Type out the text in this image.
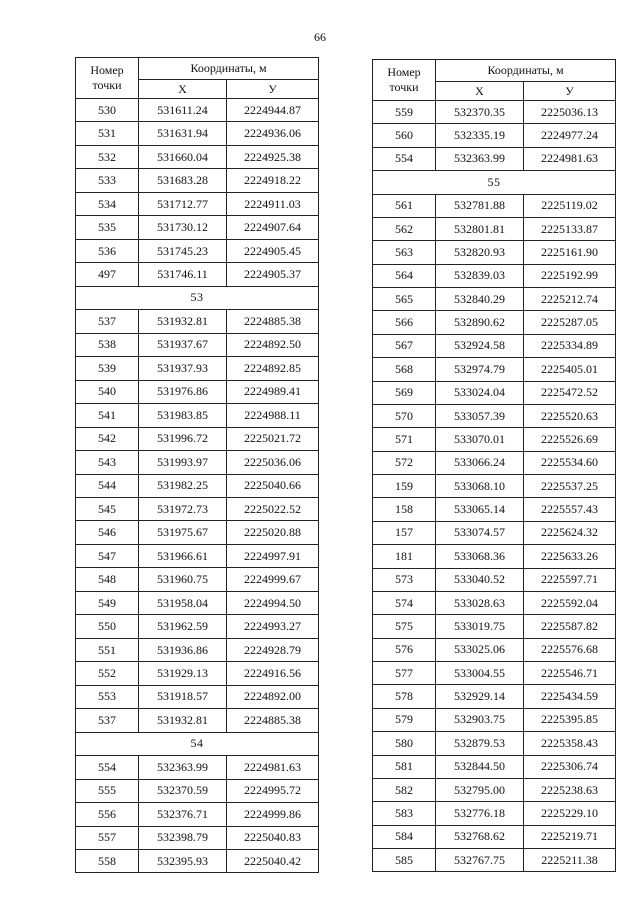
66
Номер
точки	Координаты, м	
	X	У
530	531611.24	2224944.87
531	531631.94	2224936.06
532	531660.04	2224925.38
533	531683.28	2224918.22
534	531712.77	2224911.03
535	531730.12	2224907.64
536	531745.23	2224905.45
497	531746.11	2224905.37
53		
537	531932.81	2224885.38
538	531937.67	2224892.50
539	531937.93	2224892.85
540	531976.86	2224989.41
541	531983.85	2224988.11
542	531996.72	2225021.72
543	531993.97	2225036.06
544	531982.25	2225040.66
545	531972.73	2225022.52
546	531975.67	2225020.88
547	531966.61	2224997.91
548	531960.75	2224999.67
549	531958.04	2224994.50
550	531962.59	2224993.27
551	531936.86	2224928.79
552	531929.13	2224916.56
553	531918.57	2224892.00
537	531932.81	2224885.38
54		
554	532363.99	2224981.63
555	532370.59	2224995.72
556	532376.71	2224999.86
557	532398.79	2225040.83
558	532395.93	2225040.42
Номер
точки	Координаты, м	
	X	У
559	532370.35	2225036.13
560	532335.19	2224977.24
554	532363.99	2224981.63
55		
561	532781.88	2225119.02
562	532801.81	2225133.87
563	532820.93	2225161.90
564	532839.03	2225192.99
565	532840.29	2225212.74
566	532890.62	2225287.05
567	532924.58	2225334.89
568	532974.79	2225405.01
569	533024.04	2225472.52
570	533057.39	2225520.63
571	533070.01	2225526.69
572	533066.24	2225534.60
159	533068.10	2225537.25
158	533065.14	2225557.43
157	533074.57	2225624.32
181	533068.36	2225633.26
573	533040.52	2225597.71
574	533028.63	2225592.04
575	533019.75	2225587.82
576	533025.06	2225576.68
577	533004.55	2225546.71
578	532929.14	2225434.59
579	532903.75	2225395.85
580	532879.53	2225358.43
581	532844.50	2225306.74
582	532795.00	2225238.63
583	532776.18	2225229.10
584	532768.62	2225219.71
585	532767.75	2225211.38
